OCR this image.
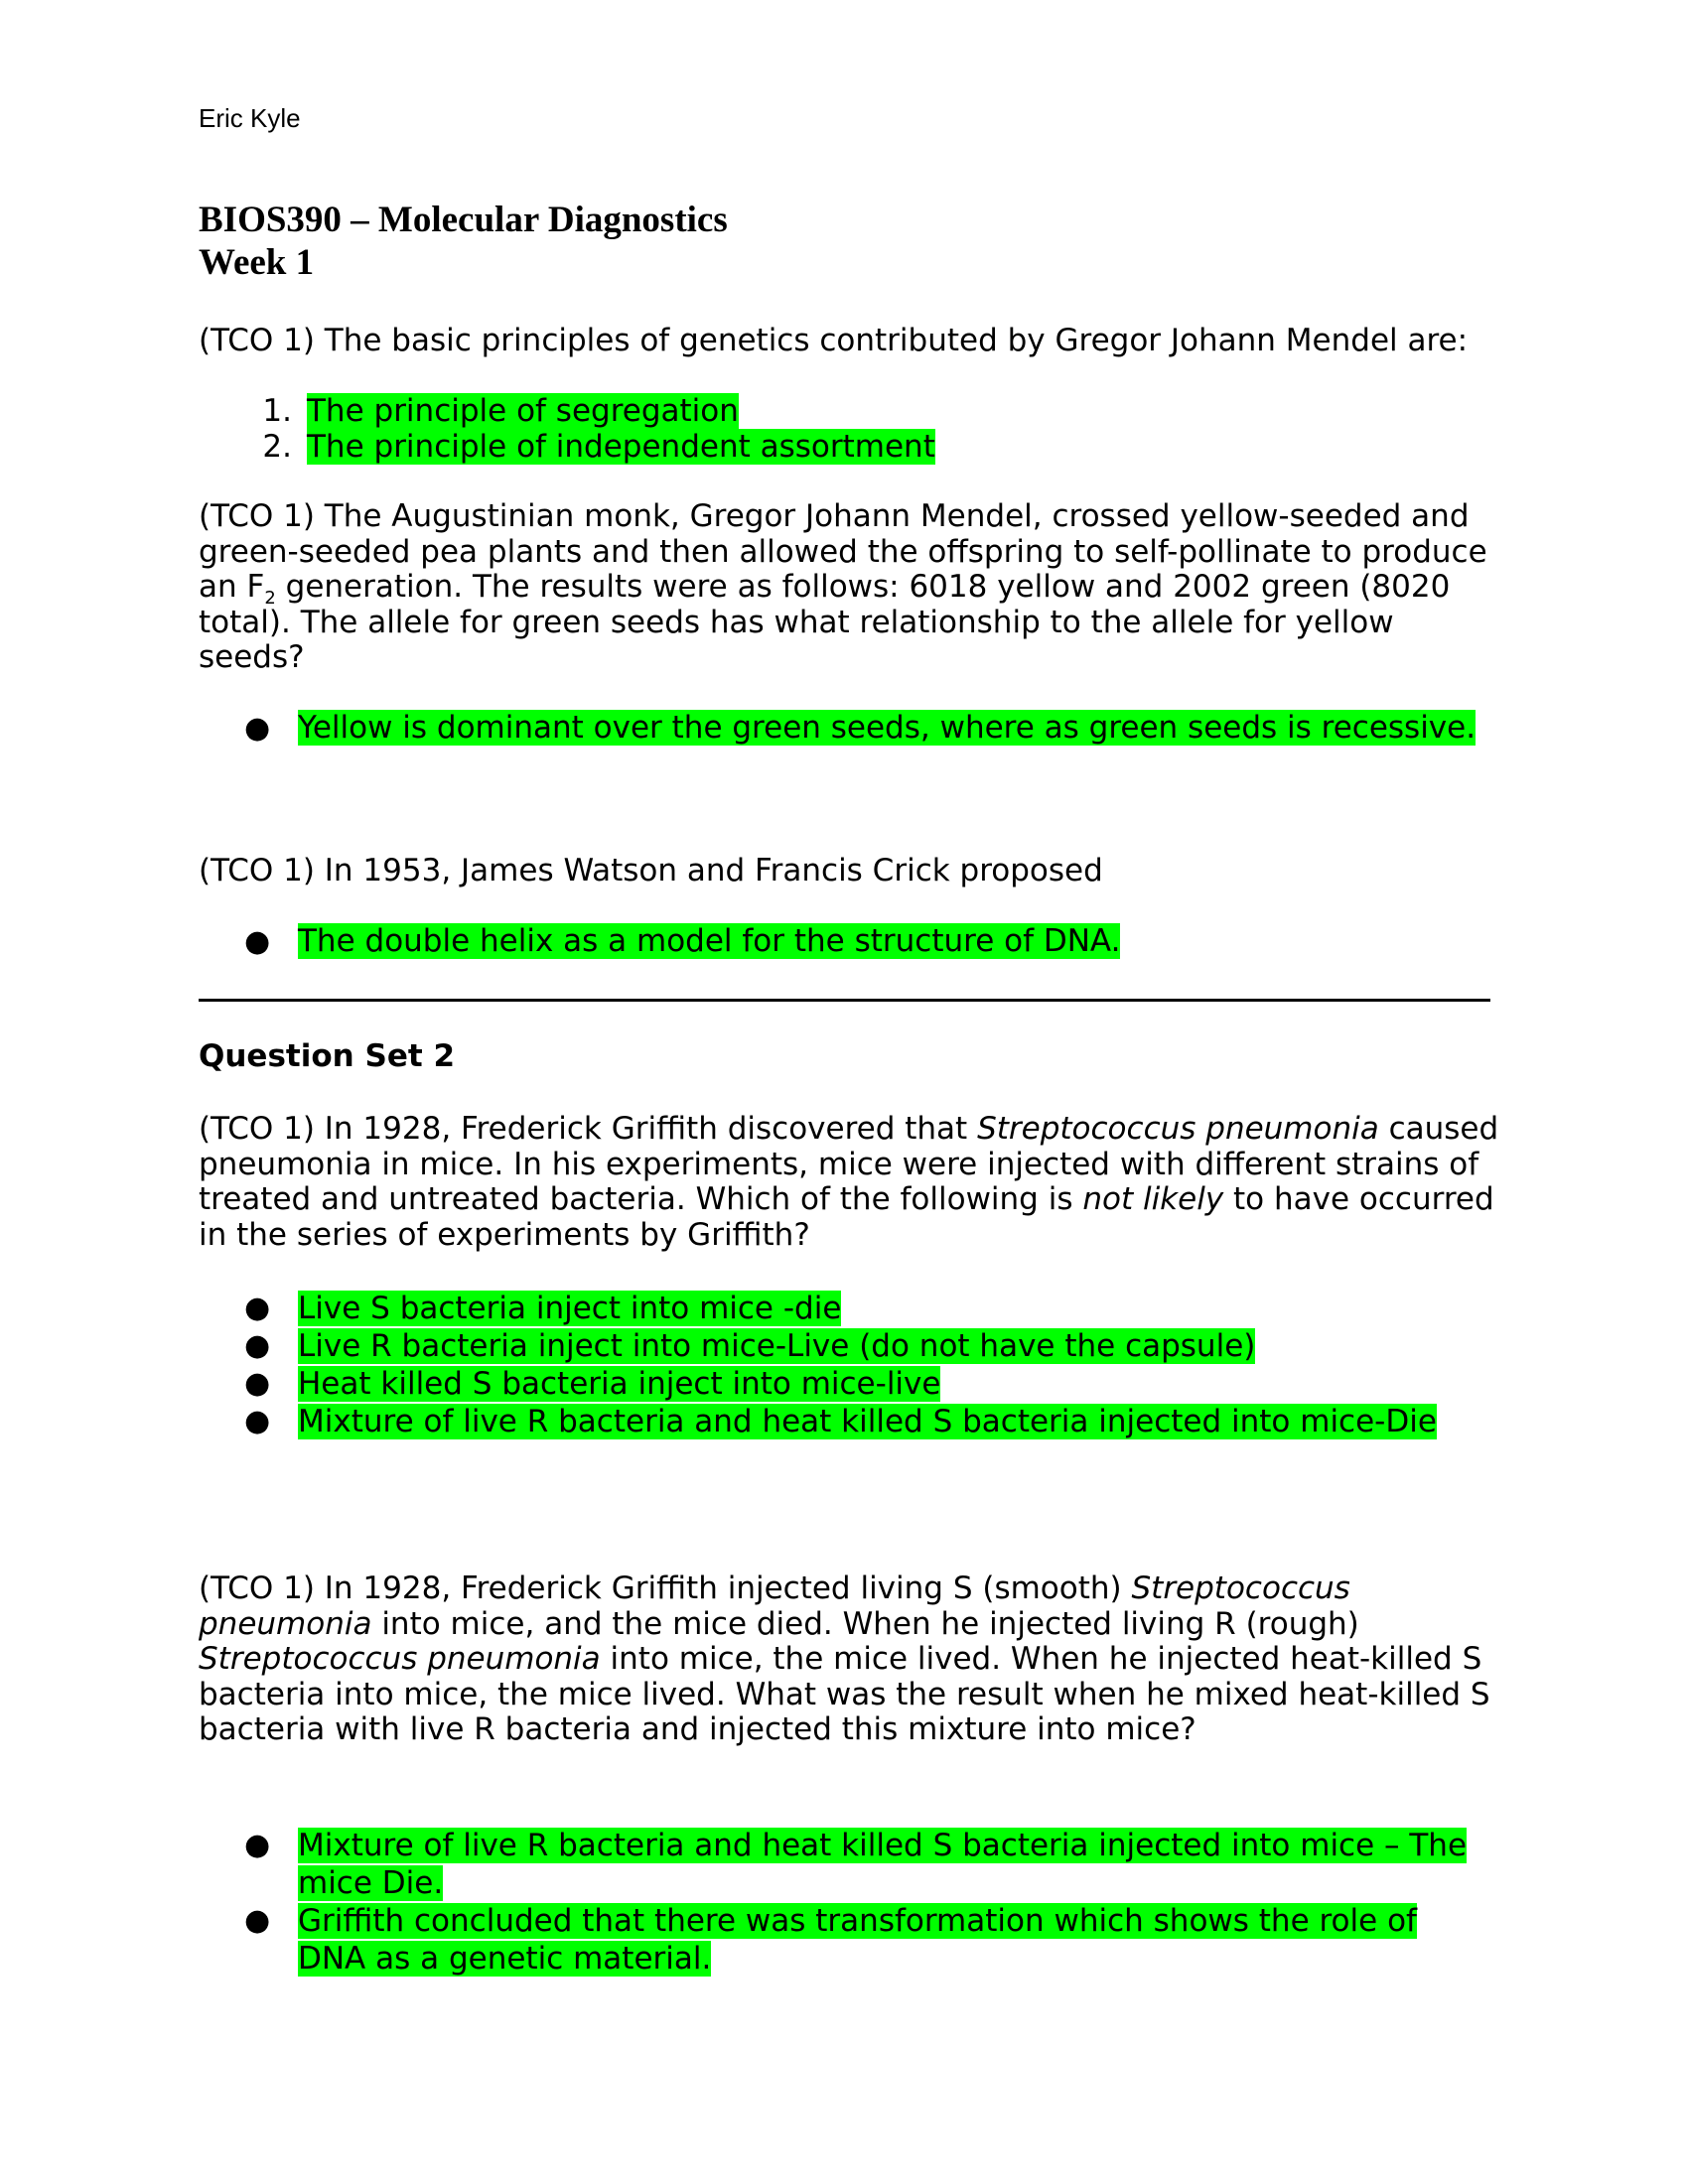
Eric Kyle
BIOS390 – Molecular Diagnostics
Week 1

(TCO 1) The basic principles of genetics contributed by Gregor Johann Mendel are:

1. The principle of segregation
2. The principle of independent assortment

(TCO 1) The Augustinian monk, Gregor Johann Mendel, crossed yellow-seeded and green-seeded pea plants and then allowed the offspring to self-pollinate to produce an $F_2$ generation. The results were as follows: 6018 yellow and 2002 green (8020 total). The allele for green seeds has what relationship to the allele for yellow seeds?

● Yellow is dominant over the green seeds, where as green seeds is recessive.

(TCO 1) In 1953, James Watson and Francis Crick proposed

● The double helix as a model for the structure of DNA.
Question Set 2

(TCO 1) In 1928, Frederick Griffith discovered that Streptococcus pneumonia caused pneumonia in mice. In his experiments, mice were injected with different strains of treated and untreated bacteria. Which of the following is not likely to have occurred in the series of experiments by Griffith?

● Live S bacteria inject into mice -die
● Live R bacteria inject into mice-Live (do not have the capsule)
● Heat killed S bacteria inject into mice-live
● Mixture of live R bacteria and heat killed S bacteria injected into mice-Die

(TCO 1) In 1928, Frederick Griffith injected living S (smooth) Streptococcus pneumonia into mice, and the mice died. When he injected living R (rough) Streptococcus pneumonia into mice, the mice lived. When he injected heat-killed S bacteria into mice, the mice lived. What was the result when he mixed heat-killed S bacteria with live R bacteria and injected this mixture into mice?

● Mixture of live R bacteria and heat killed S bacteria injected into mice – The mice Die.
● Griffith concluded that there was transformation which shows the role of DNA as a genetic material.
